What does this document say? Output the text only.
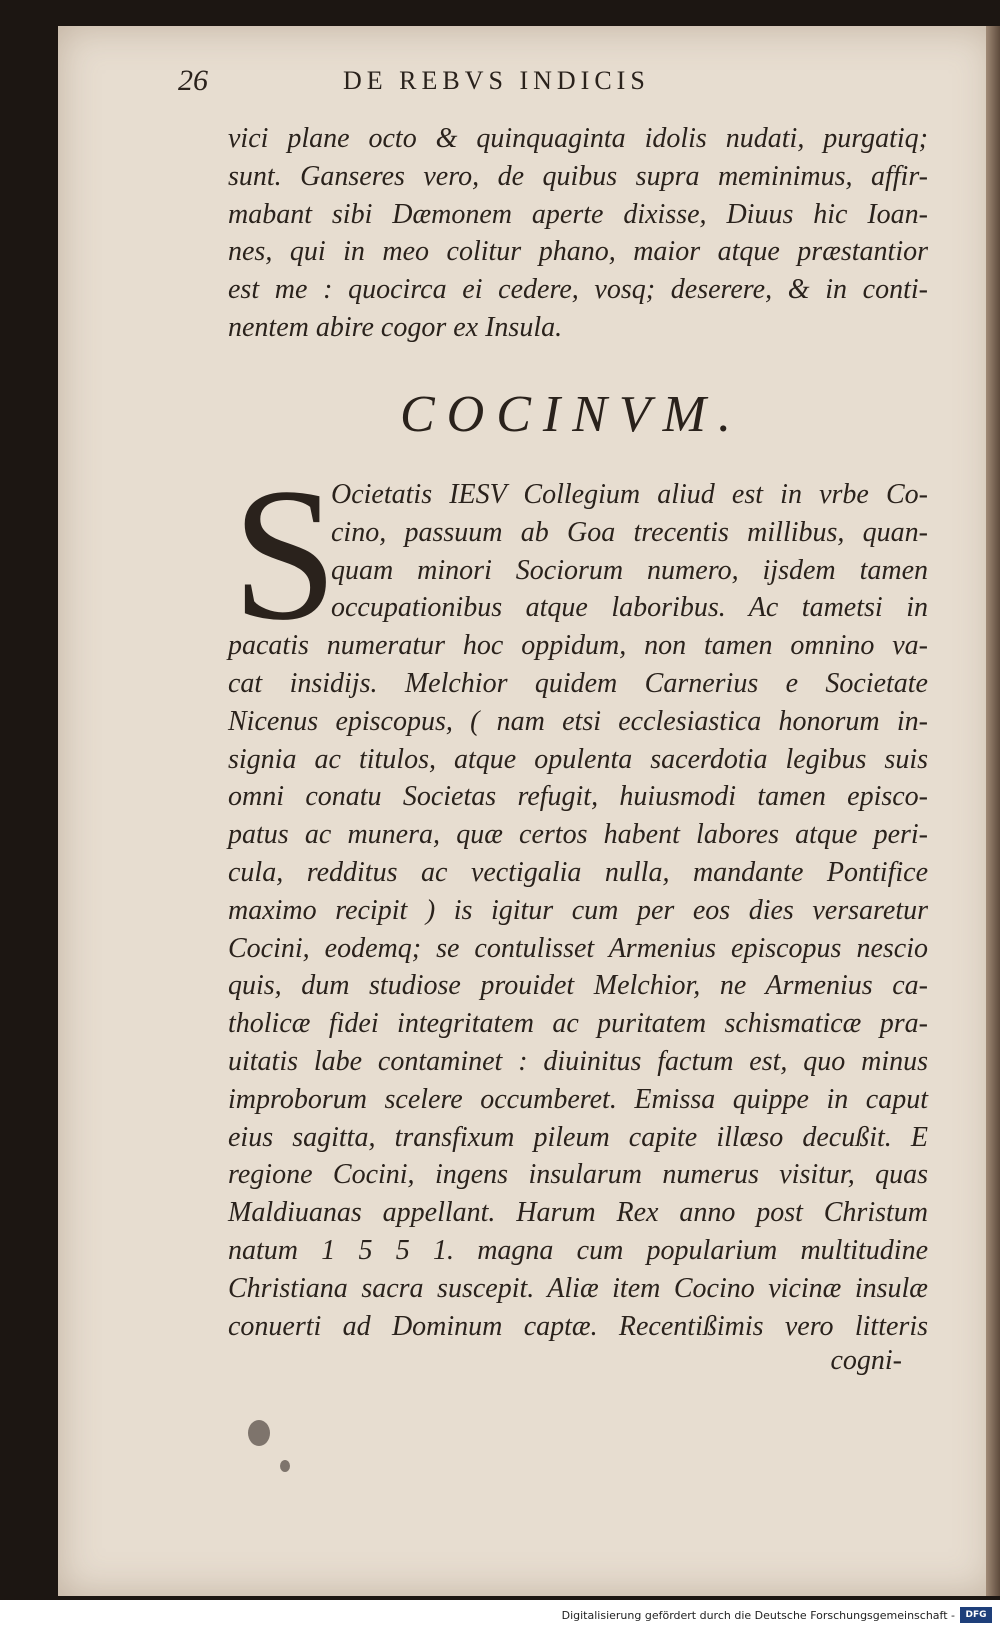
26	DE REBVS INDICIS
vici plane octo & quinquaginta idolis nudati, purgatiq;
sunt. Ganseres vero, de quibus supra meminimus, affir-
mabant sibi Dæmonem aperte dixisse, Diuus hic Ioan-
nes, qui in meo colitur phano, maior atque præstantior
est me : quocirca ei cedere, vosq; deserere, & in conti-
nentem abire cogor ex Insula.
COCINVM.
S
Ocietatis IESV Collegium aliud est in vrbe Co-
cino, passuum ab Goa trecentis millibus, quan-
quam minori Sociorum numero, ijsdem tamen
occupationibus atque laboribus. Ac tametsi in
pacatis numeratur hoc oppidum, non tamen omnino va-
cat insidijs. Melchior quidem Carnerius e Societate
Nicenus episcopus, ( nam etsi ecclesiastica honorum in-
signia ac titulos, atque opulenta sacerdotia legibus suis
omni conatu Societas refugit, huiusmodi tamen episco-
patus ac munera, quæ certos habent labores atque peri-
cula, redditus ac vectigalia nulla, mandante Pontifice
maximo recipit ) is igitur cum per eos dies versaretur
Cocini, eodemq; se contulisset Armenius episcopus nescio
quis, dum studiose prouidet Melchior, ne Armenius ca-
tholicæ fidei integritatem ac puritatem schismaticæ pra-
uitatis labe contaminet : diuinitus factum est, quo minus
improborum scelere occumberet. Emissa quippe in caput
eius sagitta, transfixum pileum capite illæso decußit. E
regione Cocini, ingens insularum numerus visitur, quas
Maldiuanas appellant. Harum Rex anno post Christum
natum 1 5 5 1. magna cum popularium multitudine
Christiana sacra suscepit. Aliæ item Cocino vicinæ insulæ
conuerti ad Dominum captæ. Recentißimis vero litteris
cogni-
Digitalisierung gefördert durch die Deutsche Forschungsgemeinschaft -	DFG
